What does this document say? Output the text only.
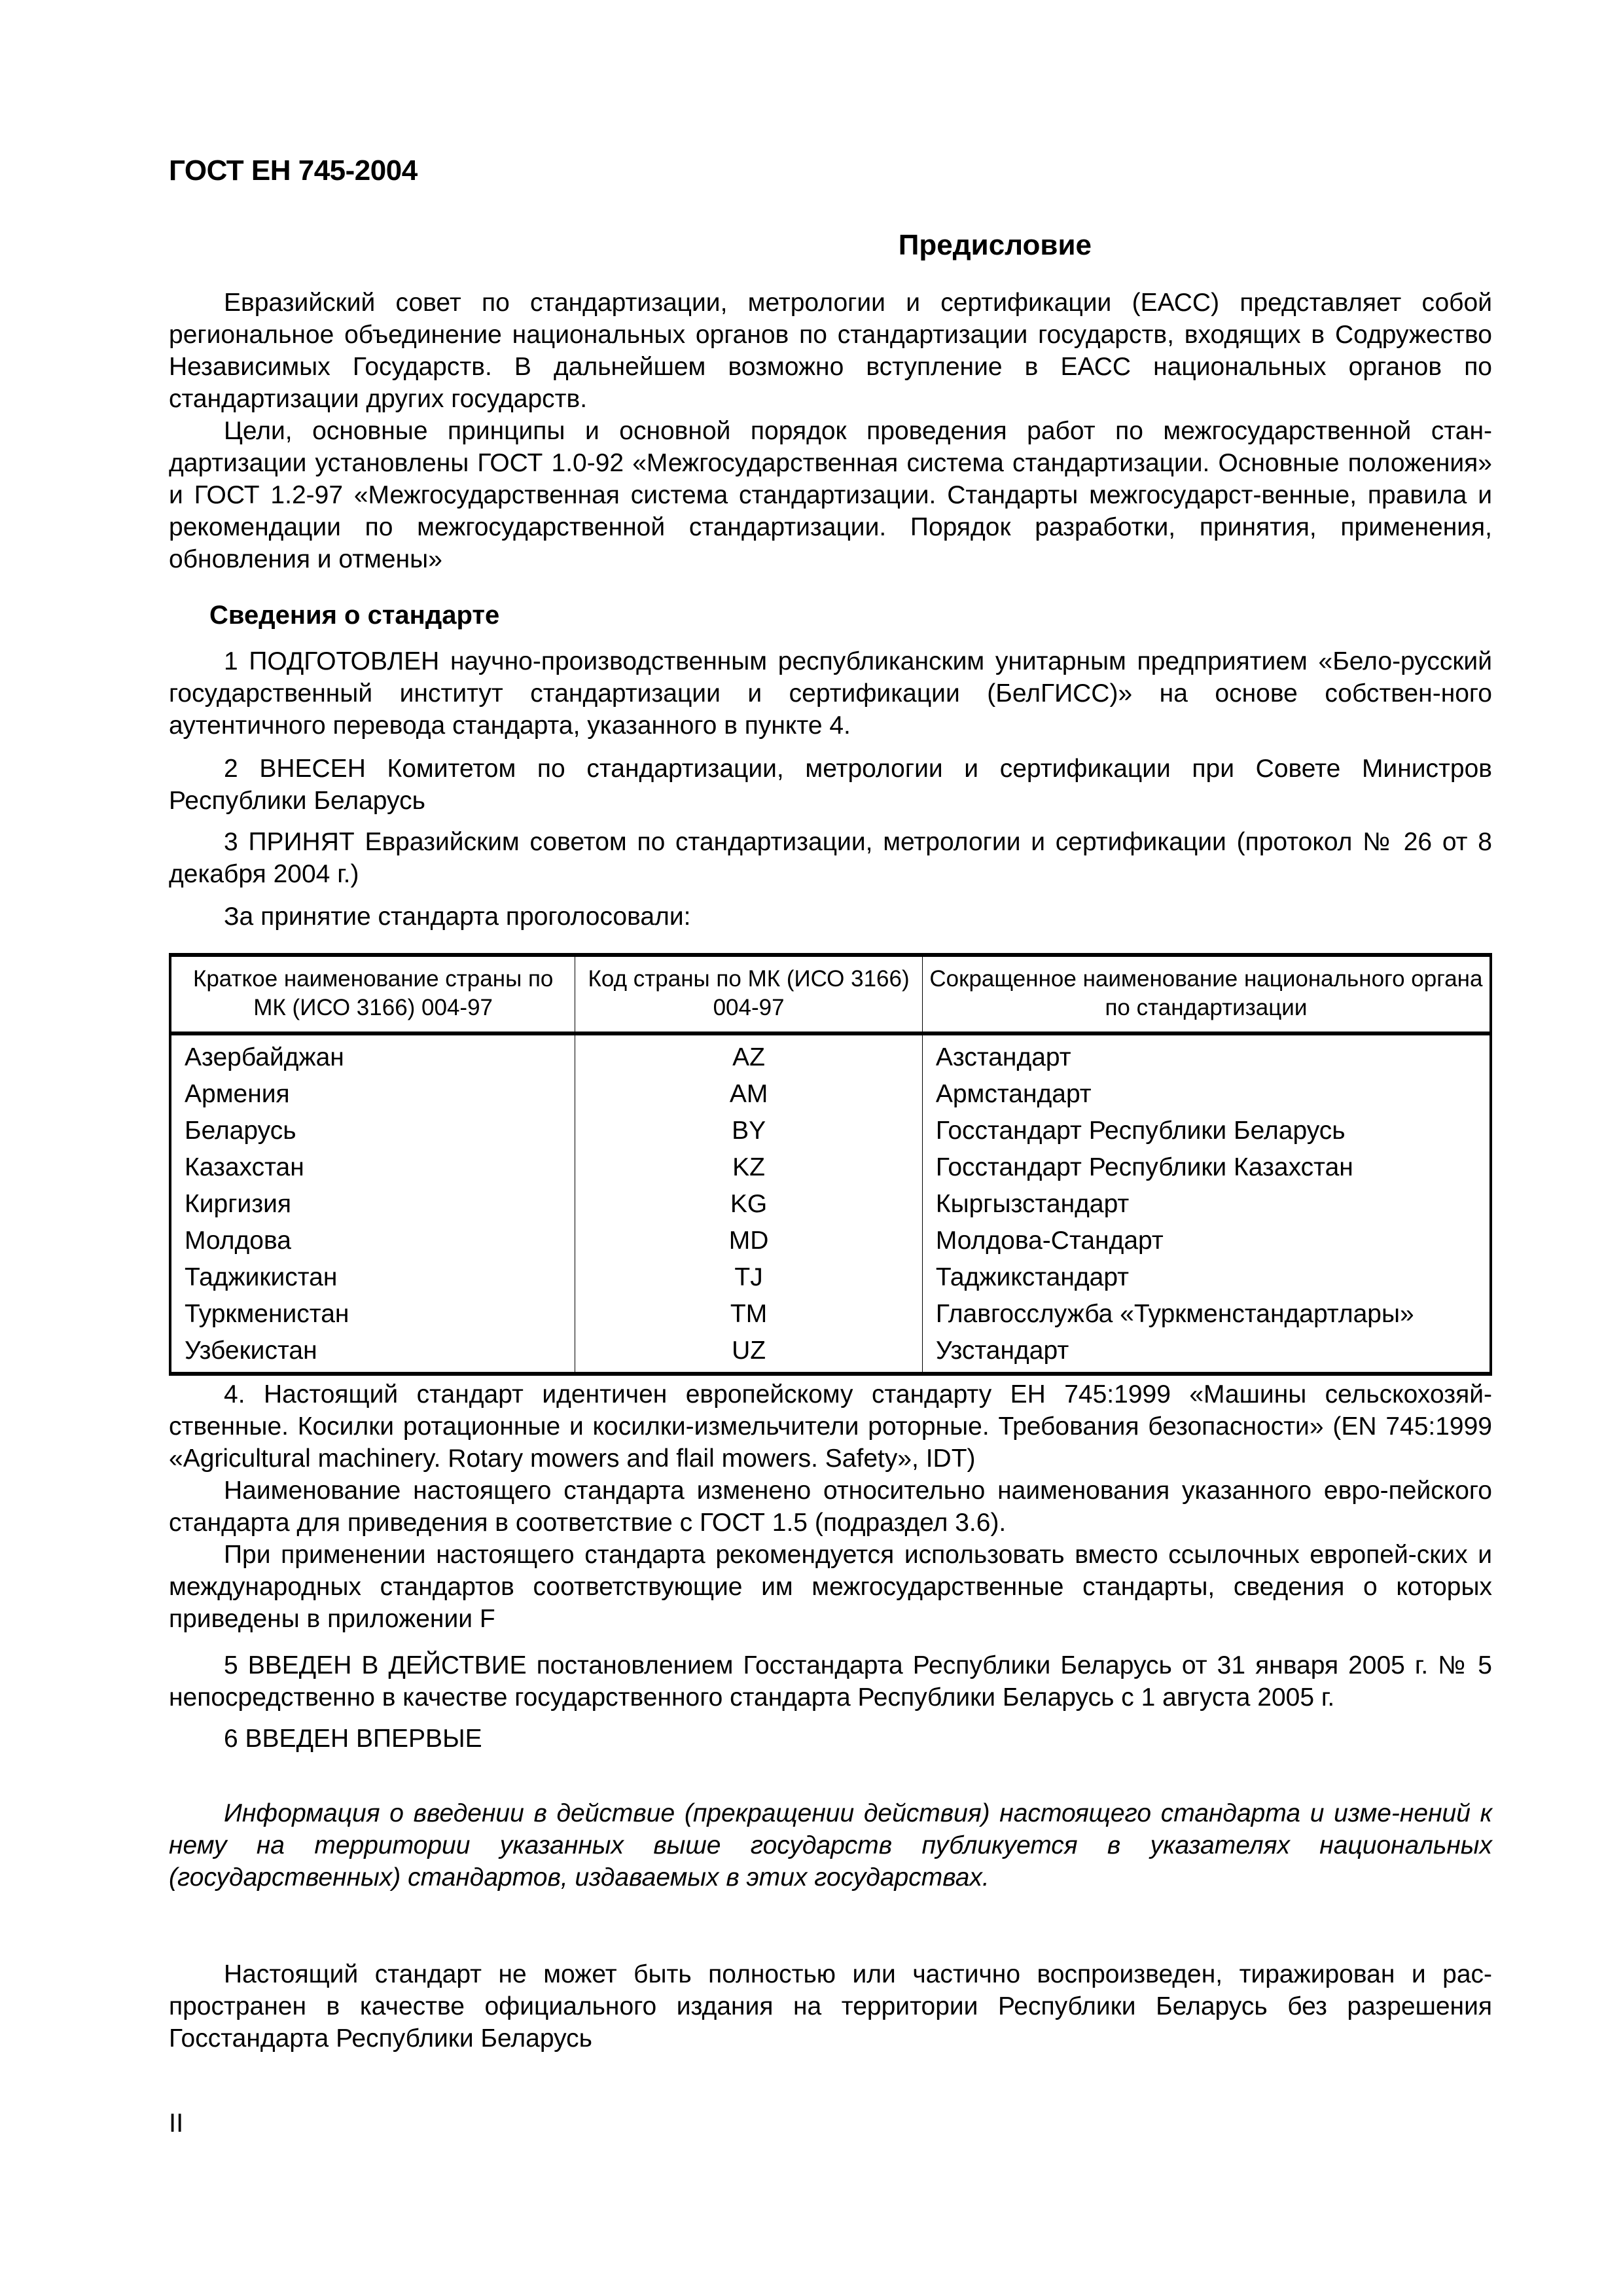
ГОСТ ЕН 745-2004
Предисловие

Евразийский совет по стандартизации, метрологии и сертификации (ЕАСС) представляет собой региональное объединение национальных органов по стандартизации государств, входящих в Содружество Независимых Государств. В дальнейшем возможно вступление в ЕАСС национальных органов по стандартизации других государств.

Цели, основные принципы и основной порядок проведения работ по межгосударственной стан-дартизации установлены ГОСТ 1.0-92 «Межгосударственная система стандартизации. Основные положения» и ГОСТ 1.2-97 «Межгосударственная система стандартизации. Стандарты межгосударст-венные, правила и рекомендации по межгосударственной стандартизации. Порядок разработки, принятия, применения, обновления и отмены»

Сведения о стандарте

1 ПОДГОТОВЛЕН научно-производственным республиканским унитарным предприятием «Бело-русский государственный институт стандартизации и сертификации (БелГИСС)» на основе собствен-ного аутентичного перевода стандарта, указанного в пункте 4.

2 ВНЕСЕН Комитетом по стандартизации, метрологии и сертификации при Совете Министров Республики Беларусь

3 ПРИНЯТ Евразийским советом по стандартизации, метрологии и сертификации (протокол № 26 от 8 декабря 2004 г.)

За принятие стандарта проголосовали:

Краткое наименование страны по МК (ИСО 3166) 004-97	Код страны по МК (ИСО 3166) 004-97	Сокращенное наименование национального органа по стандартизации
Азербайджан	AZ	Азстандарт
Армения	AM	Армстандарт
Беларусь	BY	Госстандарт Республики Беларусь
Казахстан	KZ	Госстандарт Республики Казахстан
Киргизия	KG	Кыргызстандарт
Молдова	MD	Молдова-Стандарт
Таджикистан	TJ	Таджикстандарт
Туркменистан	TM	Главгосслужба «Туркменстандартлары»
Узбекистан	UZ	Узстандарт

4. Настоящий стандарт идентичен европейскому стандарту ЕН 745:1999 «Машины сельскохозяй-ственные. Косилки ротационные и косилки-измельчители роторные. Требования безопасности» (EN 745:1999 «Agricultural machinery. Rotary mowers and flail mowers. Safety», IDT)

Наименование настоящего стандарта изменено относительно наименования указанного евро-пейского стандарта для приведения в соответствие с ГОСТ 1.5 (подраздел 3.6).

При применении настоящего стандарта рекомендуется использовать вместо ссылочных европей-ских и международных стандартов соответствующие им межгосударственные стандарты, сведения о которых приведены в приложении F

5 ВВЕДЕН В ДЕЙСТВИЕ постановлением Госстандарта Республики Беларусь от 31 января 2005 г. № 5 непосредственно в качестве государственного стандарта Республики Беларусь с 1 августа 2005 г.

6 ВВЕДЕН ВПЕРВЫЕ

Информация о введении в действие (прекращении действия) настоящего стандарта и изме-нений к нему на территории указанных выше государств публикуется в указателях национальных (государственных) стандартов, издаваемых в этих государствах.

Настоящий стандарт не может быть полностью или частично воспроизведен, тиражирован и рас-пространен в качестве официального издания на территории Республики Беларусь без разрешения Госстандарта Республики Беларусь

II
